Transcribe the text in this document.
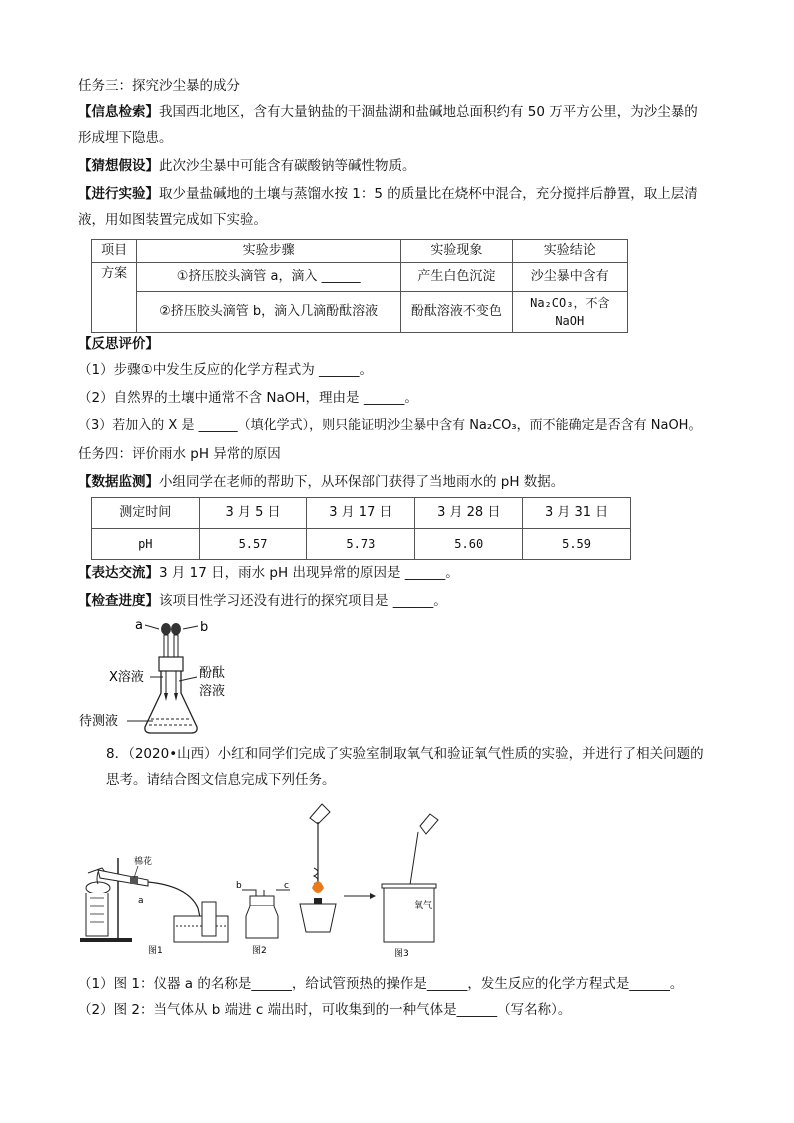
任务三：探究沙尘暴的成分
【信息检索】我国西北地区，含有大量钠盐的干涸盐湖和盐碱地总面积约有 50 万平方公里，为沙尘暴的
形成埋下隐患。
【猜想假设】此次沙尘暴中可能含有碳酸钠等碱性物质。
【进行实验】取少量盐碱地的土壤与蒸馏水按 1：5 的质量比在烧杯中混合，充分搅拌后静置，取上层清
液，用如图装置完成如下实验。
项目	实验步骤	实验现象	实验结论
方案	①挤压胶头滴管 a，滴入 ______	产生白色沉淀	沙尘暴中含有
	②挤压胶头滴管 b，滴入几滴酚酞溶液	酚酞溶液不变色	Na₂CO₃，不含 NaOH
【反思评价】
（1）步骤①中发生反应的化学方程式为 ______。
（2）自然界的土壤中通常不含 NaOH，理由是 ______。
（3）若加入的 X 是 ______（填化学式），则只能证明沙尘暴中含有 Na₂CO₃，而不能确定是否含有 NaOH。
任务四：评价雨水 pH 异常的原因
【数据监测】小组同学在老师的帮助下，从环保部门获得了当地雨水的 pH 数据。
测定时间	3 月 5 日	3 月 17 日	3 月 28 日	3 月 31 日
pH	5.57	5.73	5.60	5.59
【表达交流】3 月 17 日，雨水 pH 出现异常的原因是 ______。
【检查进度】该项目性学习还没有进行的探究项目是 ______。
a	b
X溶液	酚酞
溶液
待测液
8．（2020•山西）小红和同学们完成了实验室制取氧气和验证氧气性质的实验，并进行了相关问题的
思考。请结合图文信息完成下列任务。
棉花
a
图1
b	c
图2
氧气
图3
（1）图 1：仪器 a 的名称是______，给试管预热的操作是______，发生反应的化学方程式是______。
（2）图 2：当气体从 b 端进 c 端出时，可收集到的一种气体是______（写名称）。
